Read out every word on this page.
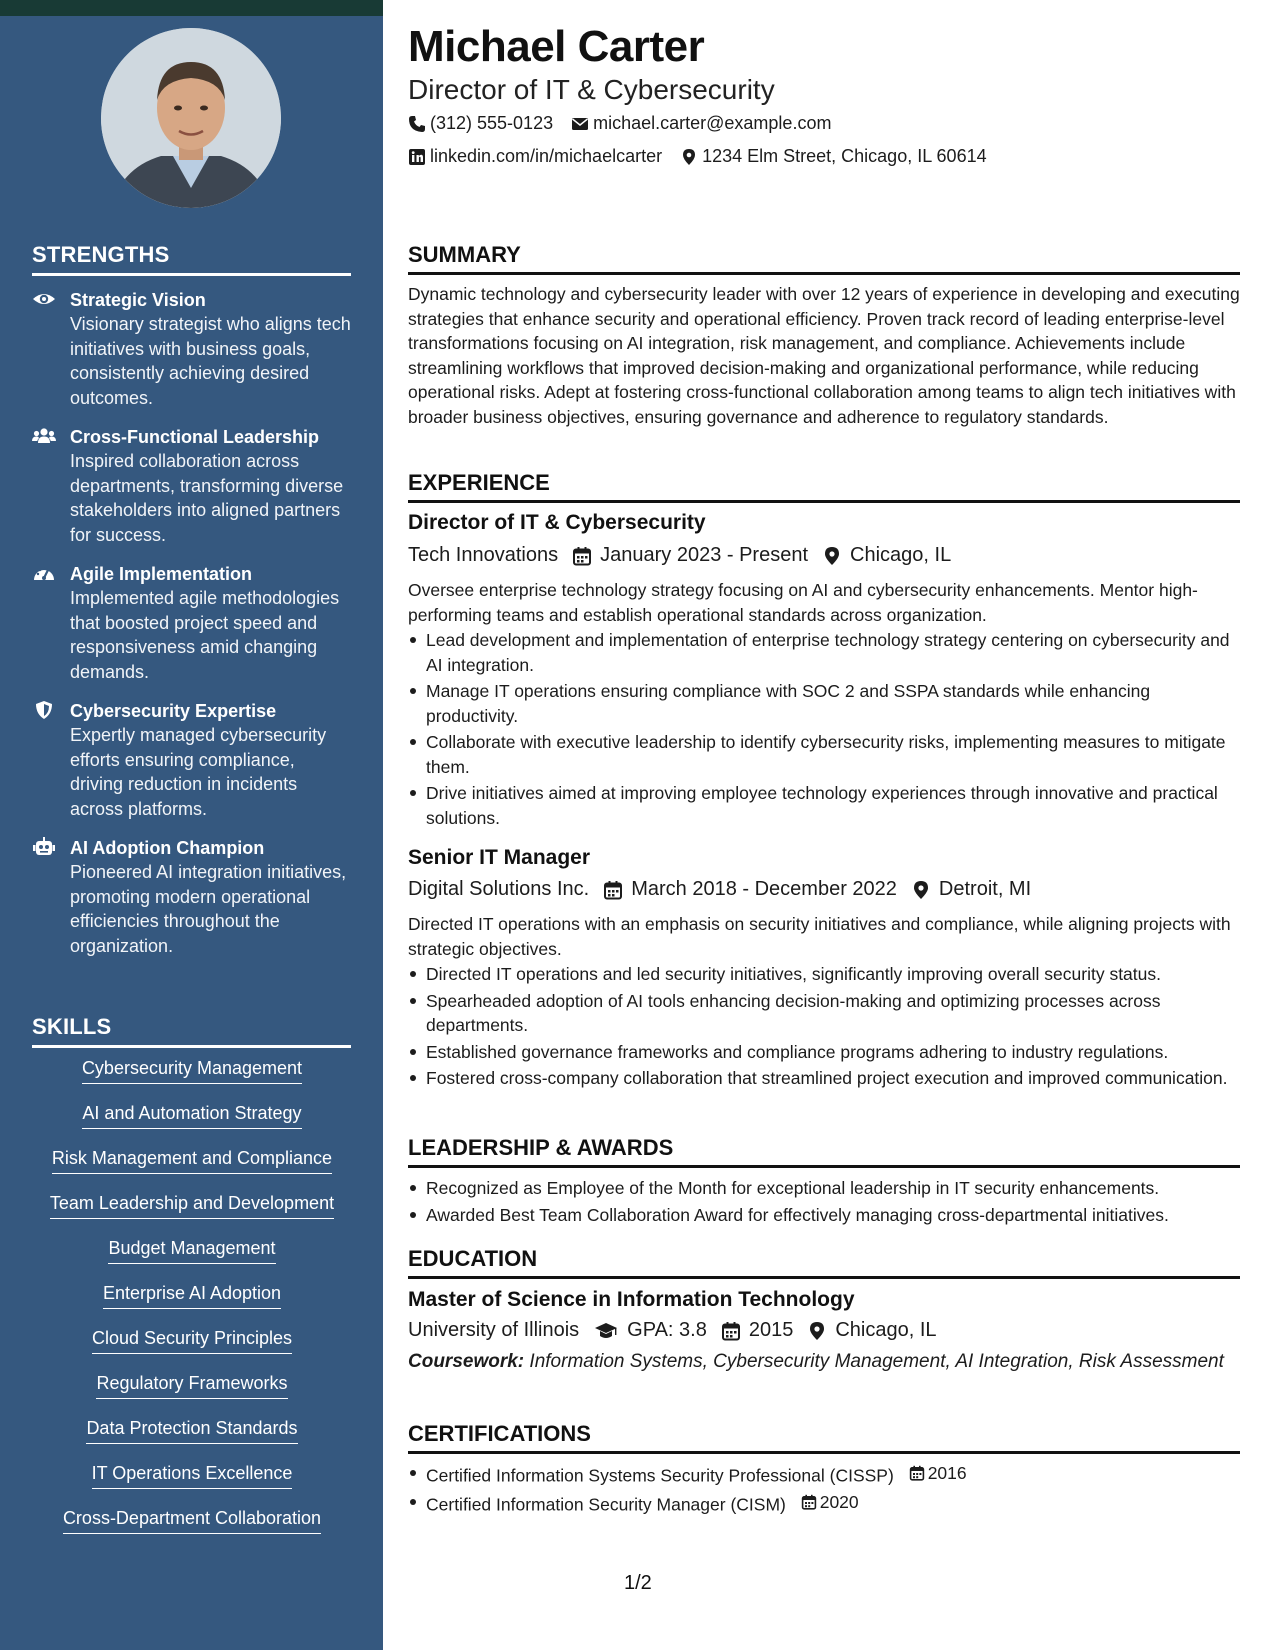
STRENGTHS
Strategic Vision
Visionary strategist who aligns tech initiatives with business goals, consistently achieving desired outcomes.
Cross-Functional Leadership
Inspired collaboration across departments, transforming diverse stakeholders into aligned partners for success.
Agile Implementation
Implemented agile methodologies that boosted project speed and responsiveness amid changing demands.
Cybersecurity Expertise
Expertly managed cybersecurity efforts ensuring compliance, driving reduction in incidents across platforms.
AI Adoption Champion
Pioneered AI integration initiatives, promoting modern operational efficiencies throughout the organization.
SKILLS
Cybersecurity Management
AI and Automation Strategy
Risk Management and Compliance
Team Leadership and Development
Budget Management
Enterprise AI Adoption
Cloud Security Principles
Regulatory Frameworks
Data Protection Standards
IT Operations Excellence
Cross-Department Collaboration
Michael Carter
Director of IT & Cybersecurity
(312) 555-0123 michael.carter@example.com
linkedin.com/in/michaelcarter 1234 Elm Street, Chicago, IL 60614
SUMMARY

Dynamic technology and cybersecurity leader with over 12 years of experience in developing and executing strategies that enhance security and operational efficiency. Proven track record of leading enterprise-level transformations focusing on AI integration, risk management, and compliance. Achievements include streamlining workflows that improved decision-making and organizational performance, while reducing operational risks. Adept at fostering cross-functional collaboration among teams to align tech initiatives with broader business objectives, ensuring governance and adherence to regulatory standards.

EXPERIENCE
Director of IT & Cybersecurity
Tech Innovations January 2023 - Present Chicago, IL

Oversee enterprise technology strategy focusing on AI and cybersecurity enhancements. Mentor high-performing teams and establish operational standards across organization.

Lead development and implementation of enterprise technology strategy centering on cybersecurity and AI integration.
Manage IT operations ensuring compliance with SOC 2 and SSPA standards while enhancing productivity.
Collaborate with executive leadership to identify cybersecurity risks, implementing measures to mitigate them.
Drive initiatives aimed at improving employee technology experiences through innovative and practical solutions.
Senior IT Manager
Digital Solutions Inc. March 2018 - December 2022 Detroit, MI

Directed IT operations with an emphasis on security initiatives and compliance, while aligning projects with strategic objectives.

Directed IT operations and led security initiatives, significantly improving overall security status.
Spearheaded adoption of AI tools enhancing decision-making and optimizing processes across departments.
Established governance frameworks and compliance programs adhering to industry regulations.
Fostered cross-company collaboration that streamlined project execution and improved communication.
LEADERSHIP & AWARDS
Recognized as Employee of the Month for exceptional leadership in IT security enhancements.
Awarded Best Team Collaboration Award for effectively managing cross-departmental initiatives.
EDUCATION
Master of Science in Information Technology
University of Illinois GPA: 3.8 2015 Chicago, IL

Coursework: Information Systems, Cybersecurity Management, AI Integration, Risk Assessment

CERTIFICATIONS
Certified Information Systems Security Professional (CISSP) 2016
Certified Information Security Manager (CISM) 2020
1/2
